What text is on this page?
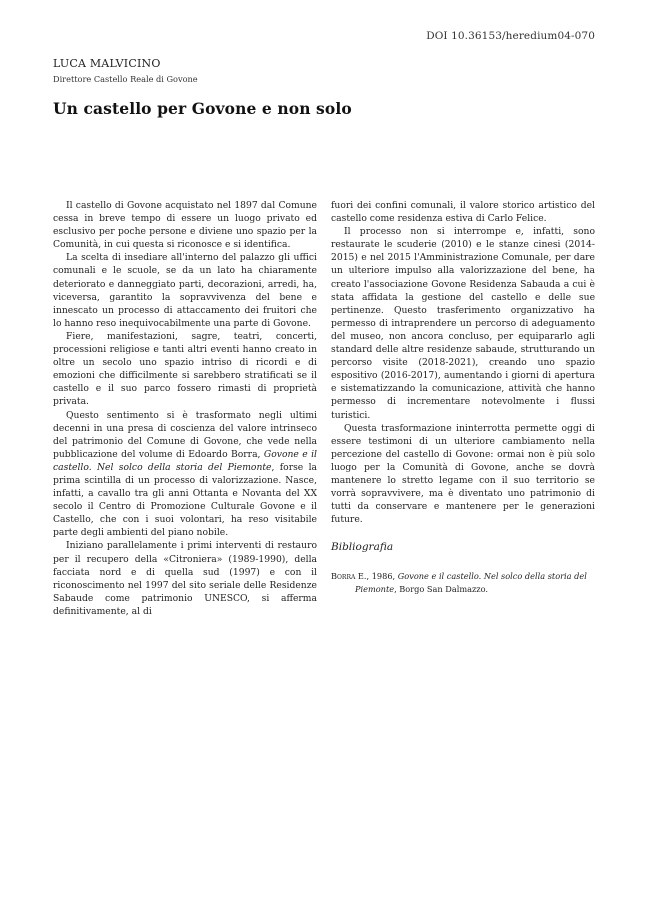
DOI 10.36153/heredium04-070
LUCA MALVICINO
Direttore Castello Reale di Govone
Un castello per Govone e non solo

Il castello di Govone acquistato nel 1897 dal Comune cessa in breve tempo di essere un luogo privato ed esclusivo per poche persone e diviene uno spazio per la Comunità, in cui questa si riconosce e si identifica.

La scelta di insediare all'interno del palazzo gli uffici comunali e le scuole, se da un lato ha chiaramente deteriorato e danneggiato parti, decorazioni, arredi, ha, viceversa, garantito la sopravvivenza del bene e innescato un processo di attaccamento dei fruitori che lo hanno reso inequivocabilmente una parte di Govone.

Fiere, manifestazioni, sagre, teatri, concerti, processioni religiose e tanti altri eventi hanno creato in oltre un secolo uno spazio intriso di ricordi e di emozioni che difficilmente si sarebbero stratificati se il castello e il suo parco fossero rimasti di proprietà privata.

Questo sentimento si è trasformato negli ultimi decenni in una presa di coscienza del valore intrinseco del patrimonio del Comune di Govone, che vede nella pubblicazione del volume di Edoardo Borra, Govone e il castello. Nel solco della storia del Piemonte, forse la prima scintilla di un processo di valorizzazione. Nasce, infatti, a cavallo tra gli anni Ottanta e Novanta del XX secolo il Centro di Promozione Culturale Govone e il Castello, che con i suoi volontari, ha reso visitabile parte degli ambienti del piano nobile.

Iniziano parallelamente i primi interventi di restauro per il recupero della «Citroniera» (1989-1990), della facciata nord e di quella sud (1997) e con il riconoscimento nel 1997 del sito seriale delle Residenze Sabaude come patrimonio UNESCO, si afferma definitivamente, al di

fuori dei confini comunali, il valore storico artistico del castello come residenza estiva di Carlo Felice.

Il processo non si interrompe e, infatti, sono restaurate le scuderie (2010) e le stanze cinesi (2014-2015) e nel 2015 l'Amministrazione Comunale, per dare un ulteriore impulso alla valorizzazione del bene, ha creato l'associazione Govone Residenza Sabauda a cui è stata affidata la gestione del castello e delle sue pertinenze. Questo trasferimento organizzativo ha permesso di intraprendere un percorso di adeguamento del museo, non ancora concluso, per equipararlo agli standard delle altre residenze sabaude, strutturando un percorso visite (2018-2021), creando uno spazio espositivo (2016-2017), aumentando i giorni di apertura e sistematizzando la comunicazione, attività che hanno permesso di incrementare notevolmente i flussi turistici.

Questa trasformazione ininterrotta permette oggi di essere testimoni di un ulteriore cambiamento nella percezione del castello di Govone: ormai non è più solo luogo per la Comunità di Govone, anche se dovrà mantenere lo stretto legame con il suo territorio se vorrà sopravvivere, ma è diventato uno patrimonio di tutti da conservare e mantenere per le generazioni future.

Bibliografia
Borra E., 1986, Govone e il castello. Nel solco della storia del Piemonte, Borgo San Dalmazzo.
